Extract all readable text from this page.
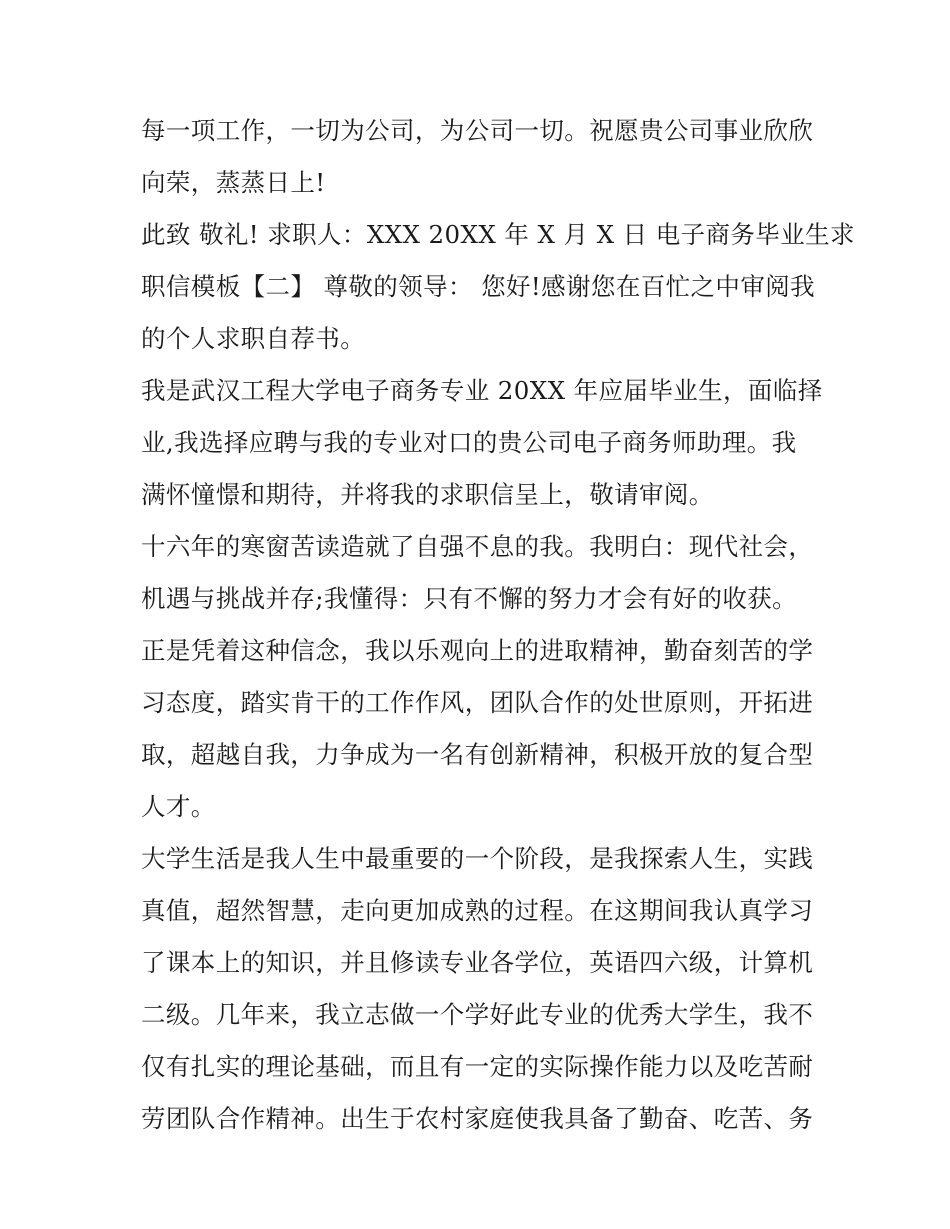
每一项工作，一切为公司，为公司一切。祝愿贵公司事业欣欣
向荣，蒸蒸日上!
此致 敬礼! 求职人：XXX 20XX 年 X 月 X 日 电子商务毕业生求
职信模板【二】 尊敬的领导： 您好!感谢您在百忙之中审阅我
的个人求职自荐书。
我是武汉工程大学电子商务专业 20XX 年应届毕业生，面临择
业,我选择应聘与我的专业对口的贵公司电子商务师助理。我
满怀憧憬和期待，并将我的求职信呈上，敬请审阅。
十六年的寒窗苦读造就了自强不息的我。我明白：现代社会，
机遇与挑战并存;我懂得：只有不懈的努力才会有好的收获。
正是凭着这种信念，我以乐观向上的进取精神，勤奋刻苦的学
习态度，踏实肯干的工作作风，团队合作的处世原则，开拓进
取，超越自我，力争成为一名有创新精神，积极开放的复合型
人才。
大学生活是我人生中最重要的一个阶段，是我探索人生，实践
真值，超然智慧，走向更加成熟的过程。在这期间我认真学习
了课本上的知识，并且修读专业各学位，英语四六级，计算机
二级。几年来，我立志做一个学好此专业的优秀大学生，我不
仅有扎实的理论基础，而且有一定的实际操作能力以及吃苦耐
劳团队合作精神。出生于农村家庭使我具备了勤奋、吃苦、务
